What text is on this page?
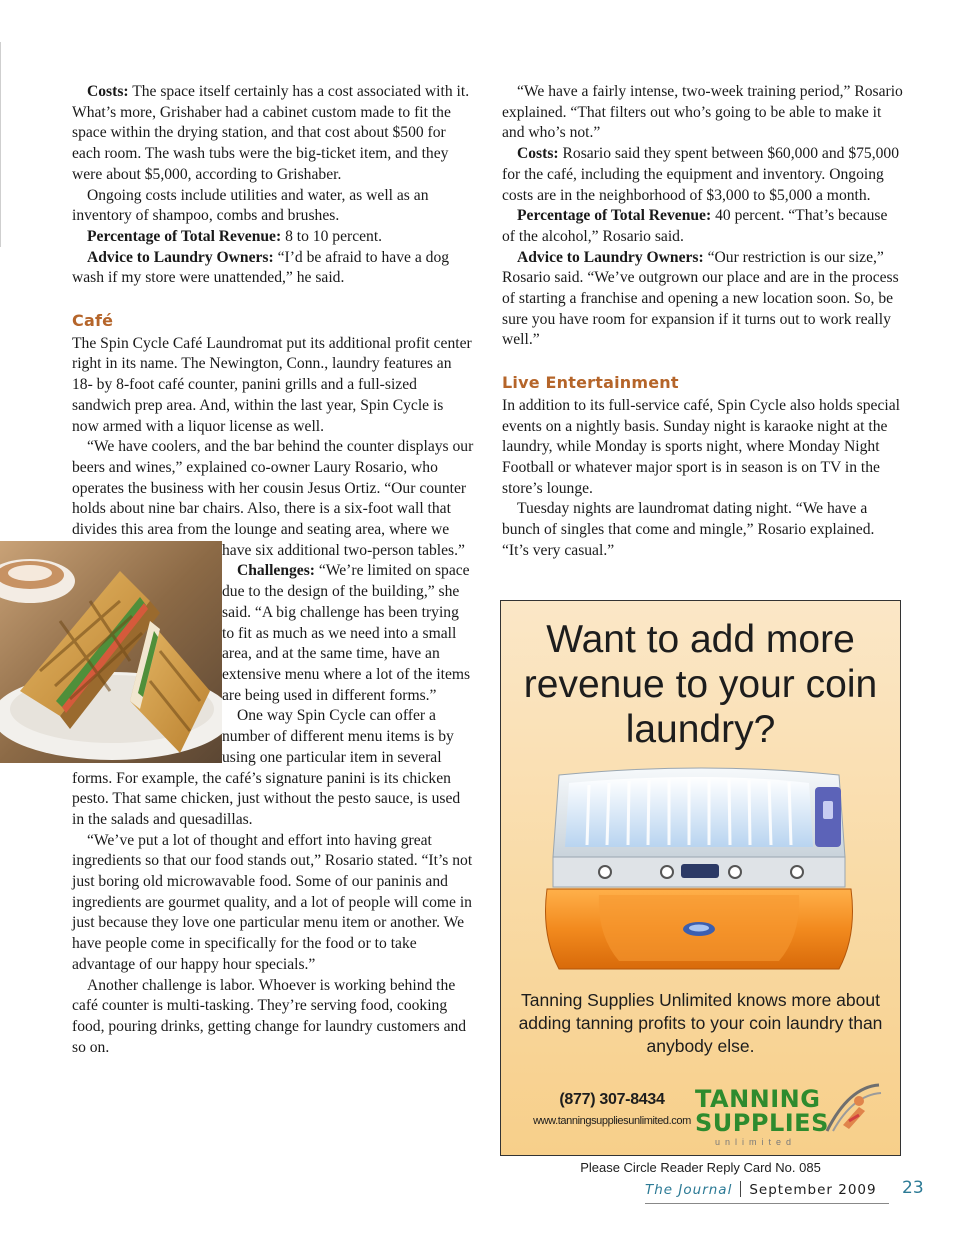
Costs: The space itself certainly has a cost associated with it. What’s more, Grishaber had a cabinet custom made to fit the space within the drying station, and that cost about $500 for each room. The wash tubs were the big-ticket item, and they were about $5,000, according to Grishaber.

Ongoing costs include utilities and water, as well as an inventory of shampoo, combs and brushes.

Percentage of Total Revenue: 8 to 10 percent.

Advice to Laundry Owners: “I’d be afraid to have a dog wash if my store were unattended,” he said.

Café

The Spin Cycle Café Laundromat put its additional profit center right in its name. The Newington, Conn., laundry features an 18- by 8-foot café counter, panini grills and a full-sized sandwich prep area. And, within the last year, Spin Cycle is now armed with a liquor license as well.

“We have coolers, and the bar behind the counter displays our beers and wines,” explained co-owner Laury Rosario, who operates the business with her cousin Jesus Ortiz. “Our counter holds about nine bar chairs. Also, there is a six-foot wall that divides this area from the lounge and seating area, where we have six additional two-person tables.”

Challenges: “We’re limited on space due to the design of the building,” she said. “A big challenge has been trying to fit as much as we need into a small area, and at the same time, have an extensive menu where a lot of the items are being used in different forms.”

One way Spin Cycle can offer a number of different menu items is by using one particular item in several forms. For example, the café’s signature panini is its chicken pesto. That same chicken, just without the pesto sauce, is used in the salads and quesadillas.

“We’ve put a lot of thought and effort into having great ingredients so that our food stands out,” Rosario stated. “It’s not just boring old microwavable food. Some of our paninis and ingredients are gourmet quality, and a lot of people will come in just because they love one particular menu item or another. We have people come in specifically for the food or to take advantage of our happy hour specials.”

Another challenge is labor. Whoever is working behind the café counter is multi-tasking. They’re serving food, cooking food, pouring drinks, getting change for laundry customers and so on.

“We have a fairly intense, two-week training period,” Rosario explained. “That filters out who’s going to be able to make it and who’s not.”

Costs: Rosario said they spent between $60,000 and $75,000 for the café, including the equipment and inventory. Ongoing costs are in the neighborhood of $3,000 to $5,000 a month.

Percentage of Total Revenue: 40 percent. “That’s because of the alcohol,” Rosario said.

Advice to Laundry Owners: “Our restriction is our size,” Rosario said. “We’ve outgrown our place and are in the process of starting a franchise and opening a new location soon. So, be sure you have room for expansion if it turns out to work really well.”

Live Entertainment

In addition to its full-service café, Spin Cycle also holds special events on a nightly basis. Sunday night is karaoke night at the laundry, while Monday is sports night, where Monday Night Football or whatever major sport is in season is on TV in the store’s lounge.

Tuesday nights are laundromat dating night. “We have a bunch of singles that come and mingle,” Rosario explained. “It’s very casual.”

Want to add more revenue to your coin laundry?
Tanning Supplies Unlimited knows more about adding tanning profits to your coin laundry than anybody else.
(877) 307-8434
www.tanningsuppliesunlimited.com
TANNING
SUPPLIES
unlimited
Please Circle Reader Reply Card No. 085
The Journal September 2009 23
